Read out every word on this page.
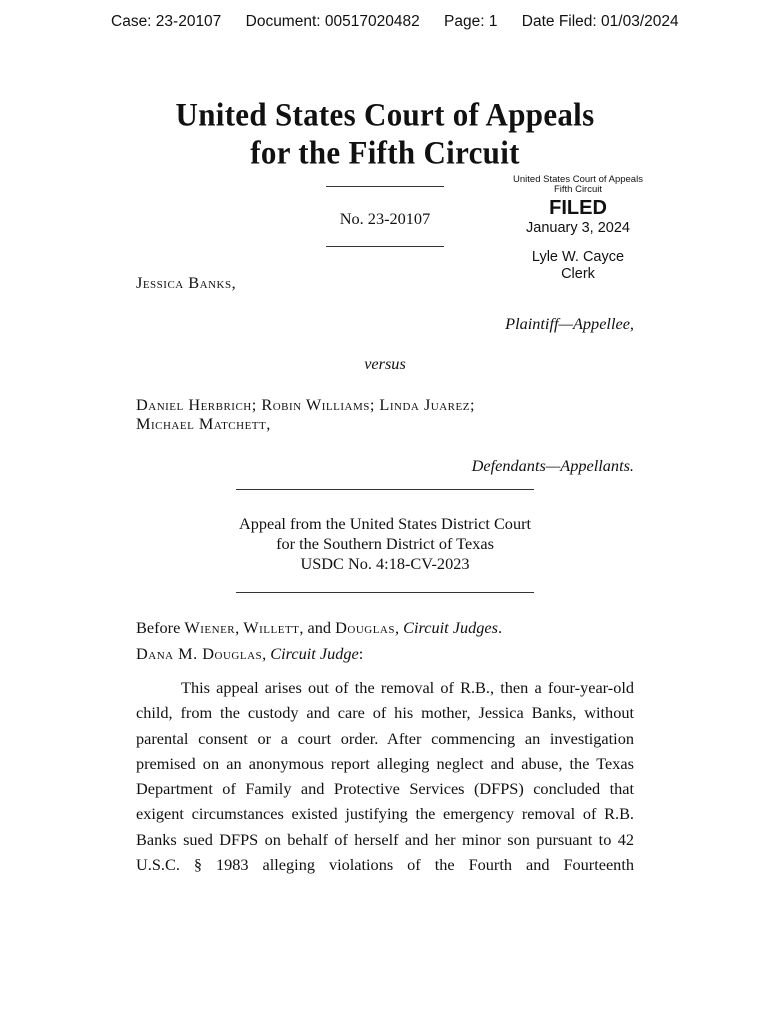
Case: 23-20107 Document: 00517020482 Page: 1 Date Filed: 01/03/2024
United States Court of Appeals
for the Fifth Circuit
No. 23-20107
United States Court of Appeals
Fifth Circuit
FILED
January 3, 2024
Lyle W. Cayce
Clerk
Jessica Banks,
Plaintiff—Appellee,
versus
Daniel Herbrich; Robin Williams; Linda Juarez;
Michael Matchett,
Defendants—Appellants.
Appeal from the United States District Court
for the Southern District of Texas
USDC No. 4:18-CV-2023
Before Wiener, Willett, and Douglas, Circuit Judges.
Dana M. Douglas, Circuit Judge:
This appeal arises out of the removal of R.B., then a four-year-old
child, from the custody and care of his mother, Jessica Banks, without
parental consent or a court order. After commencing an investigation
premised on an anonymous report alleging neglect and abuse, the Texas
Department of Family and Protective Services (DFPS) concluded that
exigent circumstances existed justifying the emergency removal of R.B.
Banks sued DFPS on behalf of herself and her minor son pursuant to 42
U.S.C. § 1983 alleging violations of the Fourth and Fourteenth
